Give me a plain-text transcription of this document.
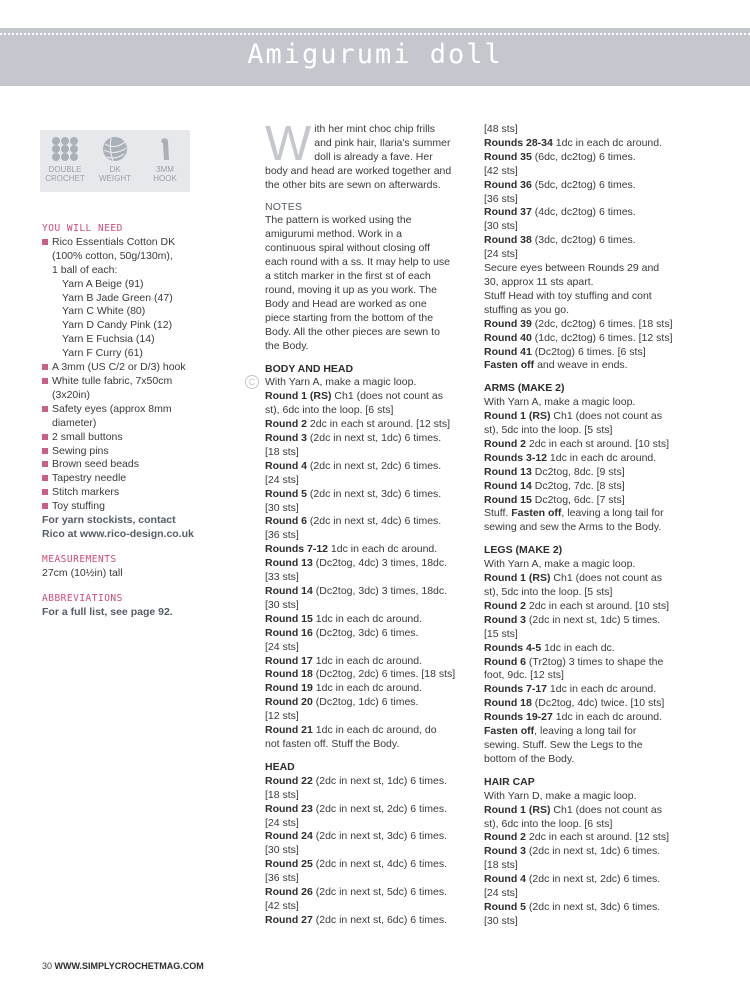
Amigurumi doll
DOUBLE
CROCHET
DK
WEIGHT
3MM
HOOK
YOU WILL NEED
Rico Essentials Cotton DK
(100% cotton, 50g/130m),
1 ball of each:
Yarn A Beige (91)
Yarn B Jade Green (47)
Yarn C White (80)
Yarn D Candy Pink (12)
Yarn E Fuchsia (14)
Yarn F Curry (61)
A 3mm (US C/2 or D/3) hook
White tulle fabric, 7x50cm
(3x20in)
Safety eyes (approx 8mm
diameter)
2 small buttons
Sewing pins
Brown seed beads
Tapestry needle
Stitch markers
Toy stuffing
For yarn stockists, contact
Rico at www.rico-design.co.uk
MEASUREMENTS
27cm (10½in) tall
ABBREVIATIONS
For a full list, see page 92.
W ith her mint choc chip frills
and pink hair, Ilaria's summer
doll is already a fave. Her
body and head are worked together and
the other bits are sewn on afterwards.
NOTES
The pattern is worked using the
amigurumi method. Work in a
continuous spiral without closing off
each round with a ss. It may help to use
a stitch marker in the first st of each
round, moving it up as you work. The
Body and Head are worked as one
piece starting from the bottom of the
Body. All the other pieces are sewn to
the Body.
BODY AND HEAD
With Yarn A, make a magic loop.
Round 1 (RS) Ch1 (does not count as
st), 6dc into the loop. [6 sts]
Round 2 2dc in each st around. [12 sts]
Round 3 (2dc in next st, 1dc) 6 times.
[18 sts]
Round 4 (2dc in next st, 2dc) 6 times.
[24 sts]
Round 5 (2dc in next st, 3dc) 6 times.
[30 sts]
Round 6 (2dc in next st, 4dc) 6 times.
[36 sts]
Rounds 7-12 1dc in each dc around.
Round 13 (Dc2tog, 4dc) 3 times, 18dc.
[33 sts]
Round 14 (Dc2tog, 3dc) 3 times, 18dc.
[30 sts]
Round 15 1dc in each dc around.
Round 16 (Dc2tog, 3dc) 6 times.
[24 sts]
Round 17 1dc in each dc around.
Round 18 (Dc2tog, 2dc) 6 times. [18 sts]
Round 19 1dc in each dc around.
Round 20 (Dc2tog, 1dc) 6 times.
[12 sts]
Round 21 1dc in each dc around, do
not fasten off. Stuff the Body.
HEAD
Round 22 (2dc in next st, 1dc) 6 times.
[18 sts]
Round 23 (2dc in next st, 2dc) 6 times.
[24 sts]
Round 24 (2dc in next st, 3dc) 6 times.
[30 sts]
Round 25 (2dc in next st, 4dc) 6 times.
[36 sts]
Round 26 (2dc in next st, 5dc) 6 times.
[42 sts]
Round 27 (2dc in next st, 6dc) 6 times.
C
[48 sts]
Rounds 28-34 1dc in each dc around.
Round 35 (6dc, dc2tog) 6 times.
[42 sts]
Round 36 (5dc, dc2tog) 6 times.
[36 sts]
Round 37 (4dc, dc2tog) 6 times.
[30 sts]
Round 38 (3dc, dc2tog) 6 times.
[24 sts]
Secure eyes between Rounds 29 and
30, approx 11 sts apart.
Stuff Head with toy stuffing and cont
stuffing as you go.
Round 39 (2dc, dc2tog) 6 times. [18 sts]
Round 40 (1dc, dc2tog) 6 times. [12 sts]
Round 41 (Dc2tog) 6 times. [6 sts]
Fasten off and weave in ends.
ARMS (MAKE 2)
With Yarn A, make a magic loop.
Round 1 (RS) Ch1 (does not count as
st), 5dc into the loop. [5 sts]
Round 2 2dc in each st around. [10 sts]
Rounds 3-12 1dc in each dc around.
Round 13 Dc2tog, 8dc. [9 sts]
Round 14 Dc2tog, 7dc. [8 sts]
Round 15 Dc2tog, 6dc. [7 sts]
Stuff. Fasten off, leaving a long tail for
sewing and sew the Arms to the Body.
LEGS (MAKE 2)
With Yarn A, make a magic loop.
Round 1 (RS) Ch1 (does not count as
st), 5dc into the loop. [5 sts]
Round 2 2dc in each st around. [10 sts]
Round 3 (2dc in next st, 1dc) 5 times.
[15 sts]
Rounds 4-5 1dc in each dc.
Round 6 (Tr2tog) 3 times to shape the
foot, 9dc. [12 sts]
Rounds 7-17 1dc in each dc around.
Round 18 (Dc2tog, 4dc) twice. [10 sts]
Rounds 19-27 1dc in each dc around.
Fasten off, leaving a long tail for
sewing. Stuff. Sew the Legs to the
bottom of the Body.
HAIR CAP
With Yarn D, make a magic loop.
Round 1 (RS) Ch1 (does not count as
st), 6dc into the loop. [6 sts]
Round 2 2dc in each st around. [12 sts]
Round 3 (2dc in next st, 1dc) 6 times.
[18 sts]
Round 4 (2dc in next st, 2dc) 6 times.
[24 sts]
Round 5 (2dc in next st, 3dc) 6 times.
[30 sts]
30 WWW.SIMPLYCROCHETMAG.COM
